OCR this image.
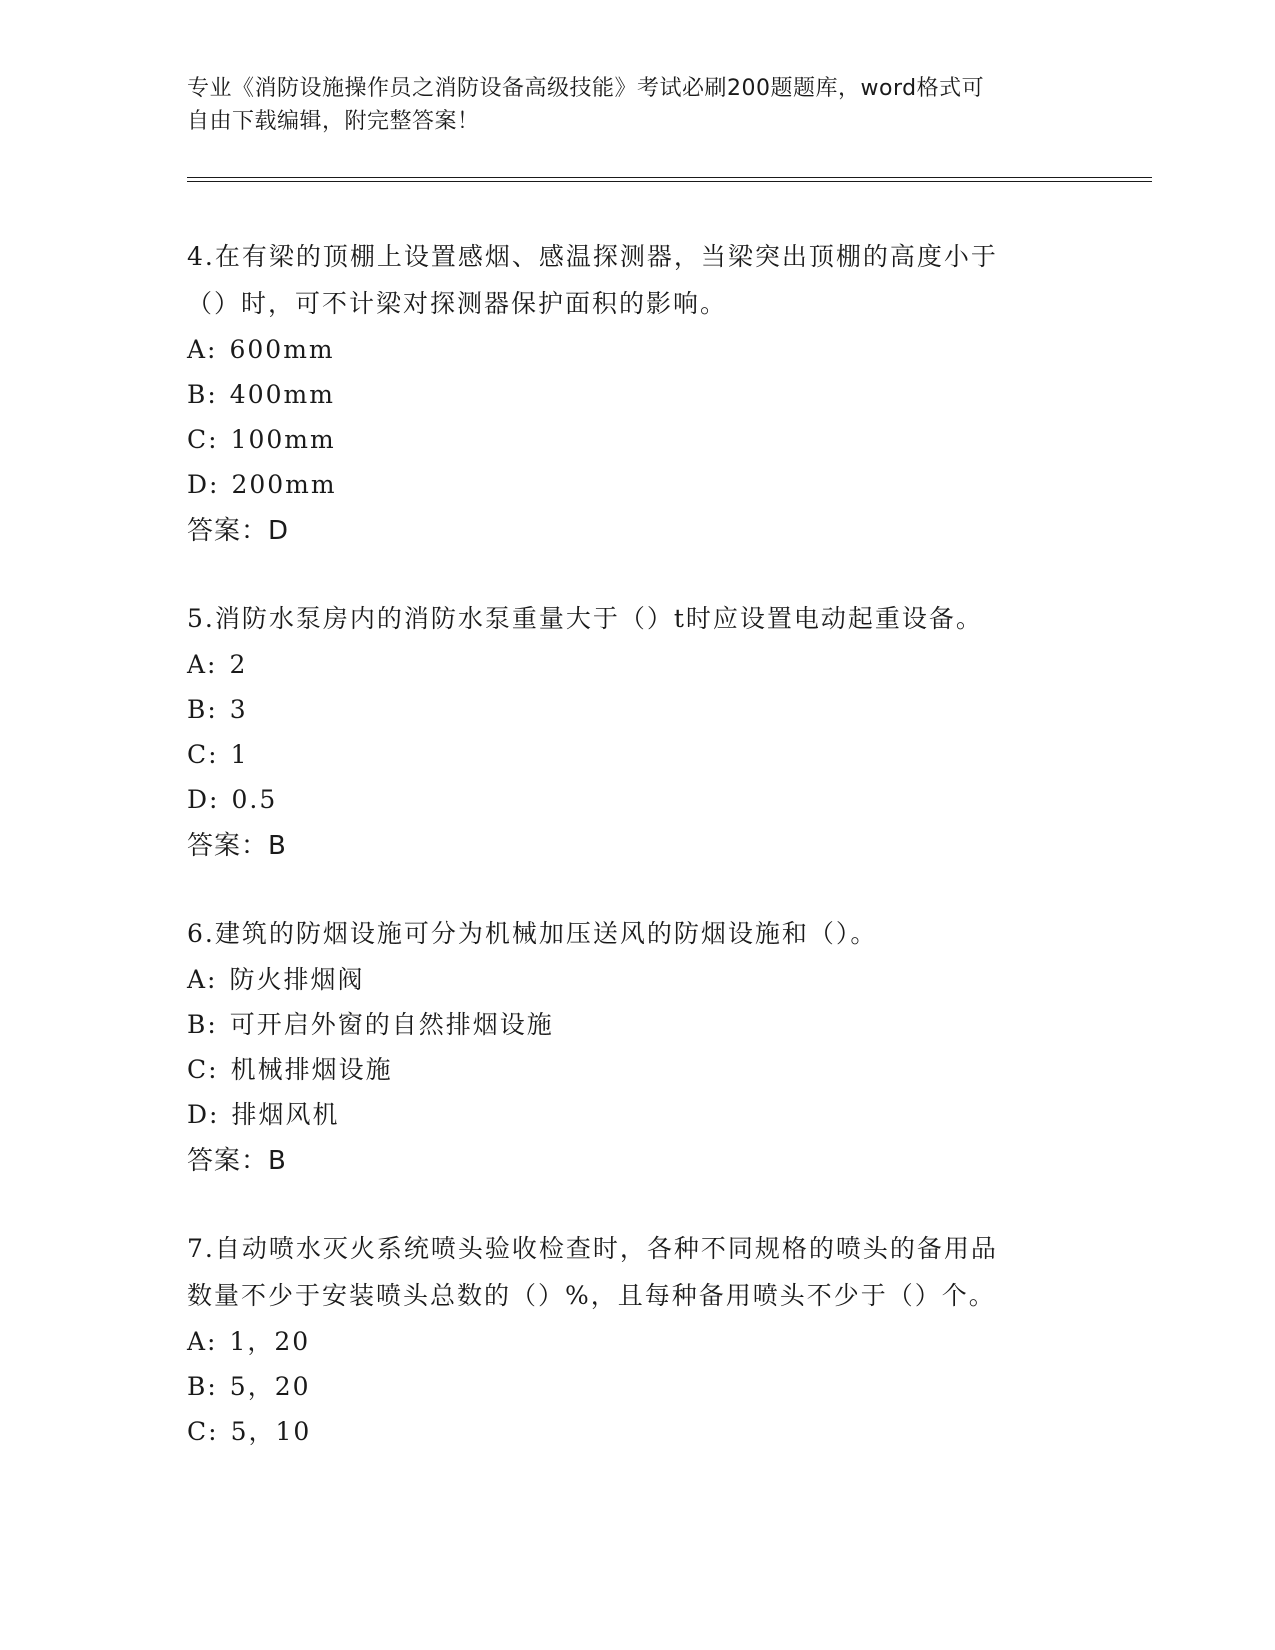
专业《消防设施操作员之消防设备高级技能》考试必刷200题题库，word格式可
自由下载编辑，附完整答案！
4.在有梁的顶棚上设置感烟、感温探测器，当梁突出顶棚的高度小于
（）时，可不计梁对探测器保护面积的影响。
A: 600mm
B: 400mm
C: 100mm
D: 200mm
答案：D
5.消防水泵房内的消防水泵重量大于（）t时应设置电动起重设备。
A: 2
B: 3
C: 1
D: 0.5
答案：B
6.建筑的防烟设施可分为机械加压送风的防烟设施和（）。
A: 防火排烟阀
B: 可开启外窗的自然排烟设施
C: 机械排烟设施
D: 排烟风机
答案：B
7.自动喷水灭火系统喷头验收检查时，各种不同规格的喷头的备用品
数量不少于安装喷头总数的（）%，且每种备用喷头不少于（）个。
A: 1，20
B: 5，20
C: 5，10
